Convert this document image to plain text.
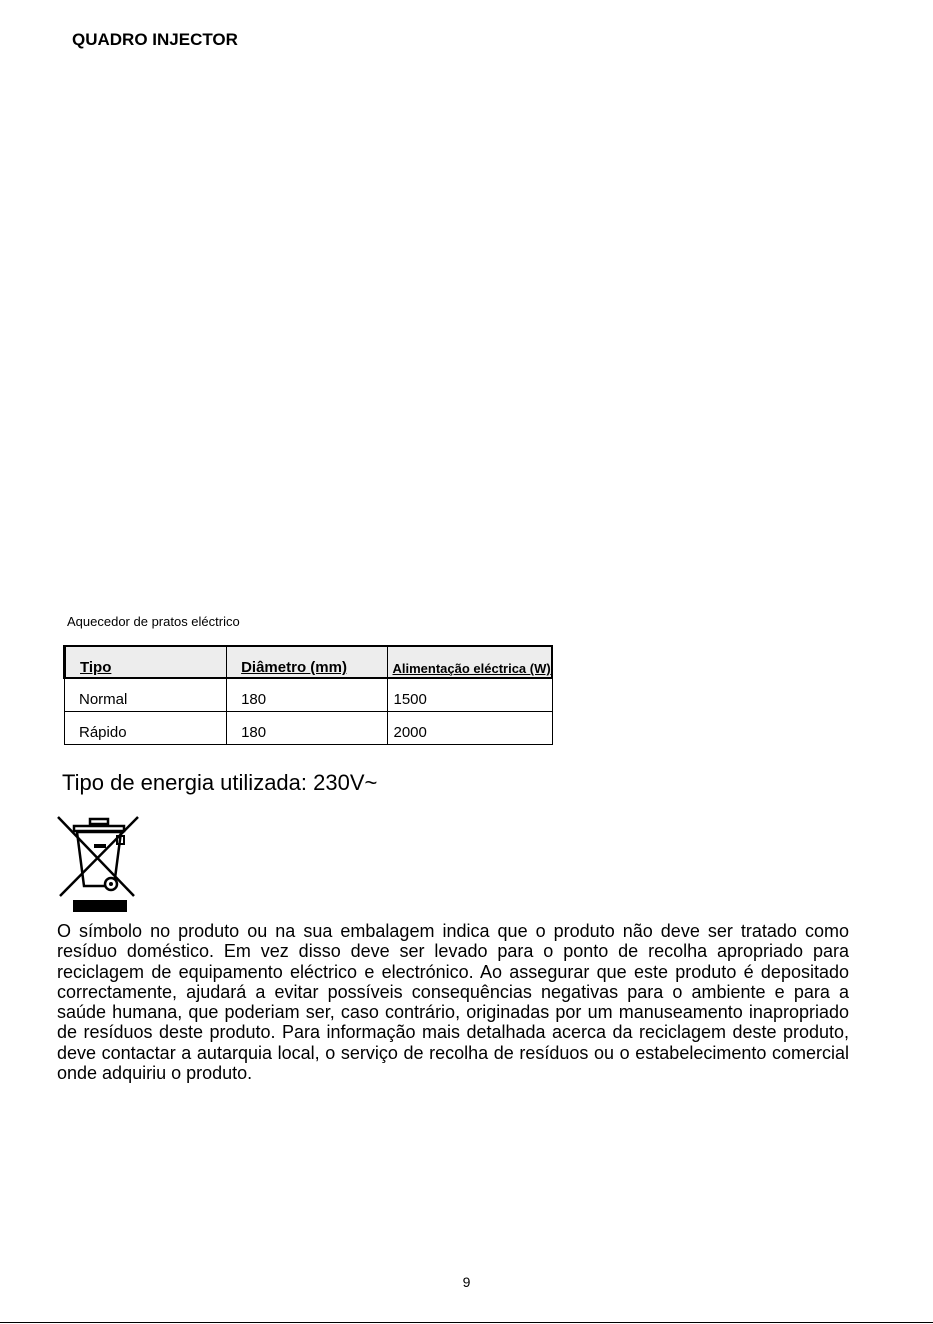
QUADRO INJECTOR
Aquecedor de pratos eléctrico
Tipo	Diâmetro (mm)	Alimentação eléctrica (W)
Normal	180	1500
Rápido	180	2000
Tipo de energia utilizada: 230V~

O símbolo no produto ou na sua embalagem indica que o produto não deve ser tratado como resíduo doméstico. Em vez disso deve ser levado para o ponto de recolha apropriado para reciclagem de equipamento eléctrico e electrónico. Ao assegurar que este produto é depositado correctamente, ajudará a evitar possíveis consequências negativas para o ambiente e para a saúde humana, que poderiam ser, caso contrário, originadas por um manuseamento inapropriado de resíduos deste produto. Para informação mais detalhada acerca da reciclagem deste produto, deve contactar a autarquia local, o serviço de recolha de resíduos ou o estabelecimento comercial onde adquiriu o produto.

9
